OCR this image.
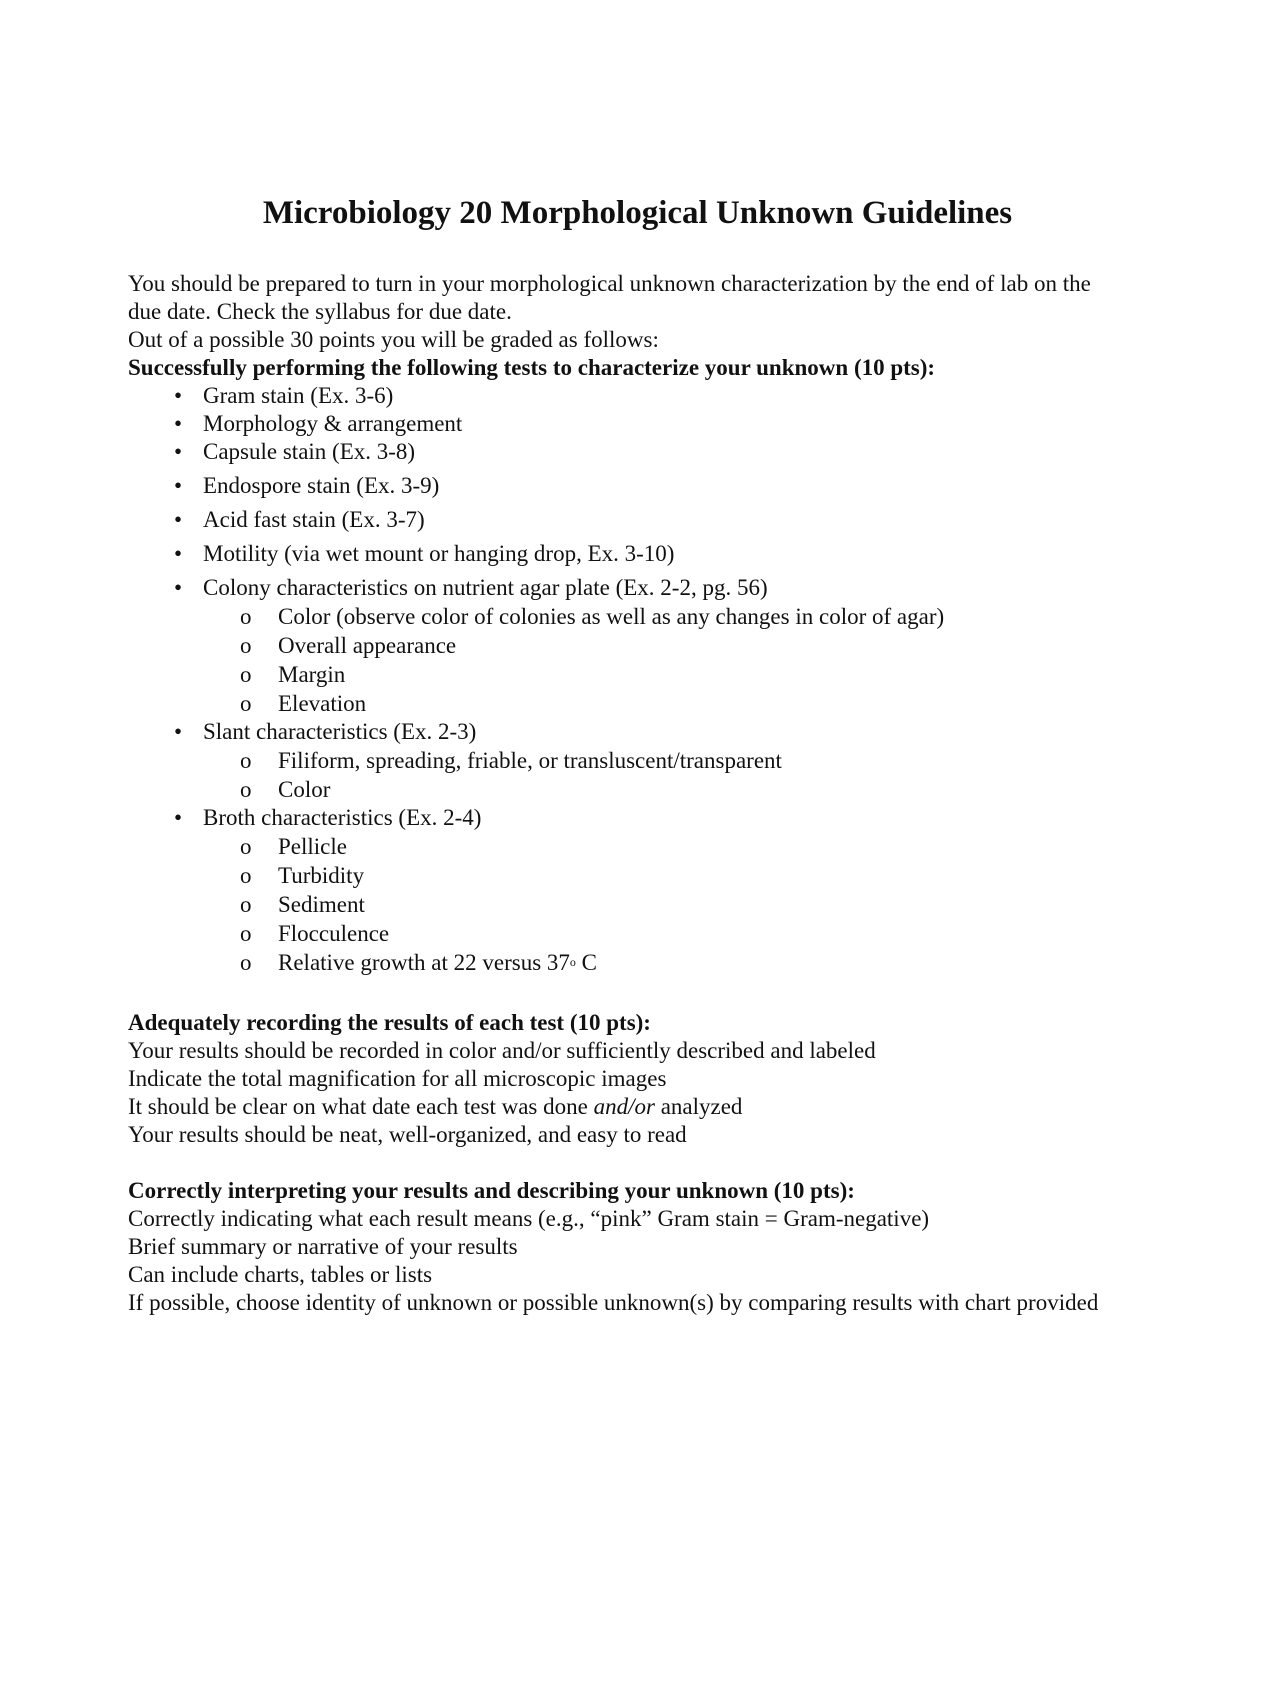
Microbiology 20 Morphological Unknown Guidelines

You should be prepared to turn in your morphological unknown characterization by the end of lab on the

due date. Check the syllabus for due date.

Out of a possible 30 points you will be graded as follows:

Successfully performing the following tests to characterize your unknown (10 pts):

• Gram stain (Ex. 3-6)
• Morphology & arrangement
• Capsule stain (Ex. 3-8)
• Endospore stain (Ex. 3-9)
• Acid fast stain (Ex. 3-7)
• Motility (via wet mount or hanging drop, Ex. 3-10)
• Colony characteristics on nutrient agar plate (Ex. 2-2, pg. 56)
o Color (observe color of colonies as well as any changes in color of agar)
o Overall appearance
o Margin
o Elevation
• Slant characteristics (Ex. 2-3)
o Filiform, spreading, friable, or transluscent/transparent
o Color
• Broth characteristics (Ex. 2-4)
o Pellicle
o Turbidity
o Sediment
o Flocculence
o Relative growth at 22 versus 37o C

Adequately recording the results of each test (10 pts):

Your results should be recorded in color and/or sufficiently described and labeled

Indicate the total magnification for all microscopic images

It should be clear on what date each test was done and/or analyzed

Your results should be neat, well-organized, and easy to read

Correctly interpreting your results and describing your unknown (10 pts):

Correctly indicating what each result means (e.g., “pink” Gram stain = Gram-negative)

Brief summary or narrative of your results

Can include charts, tables or lists

If possible, choose identity of unknown or possible unknown(s) by comparing results with chart provided
